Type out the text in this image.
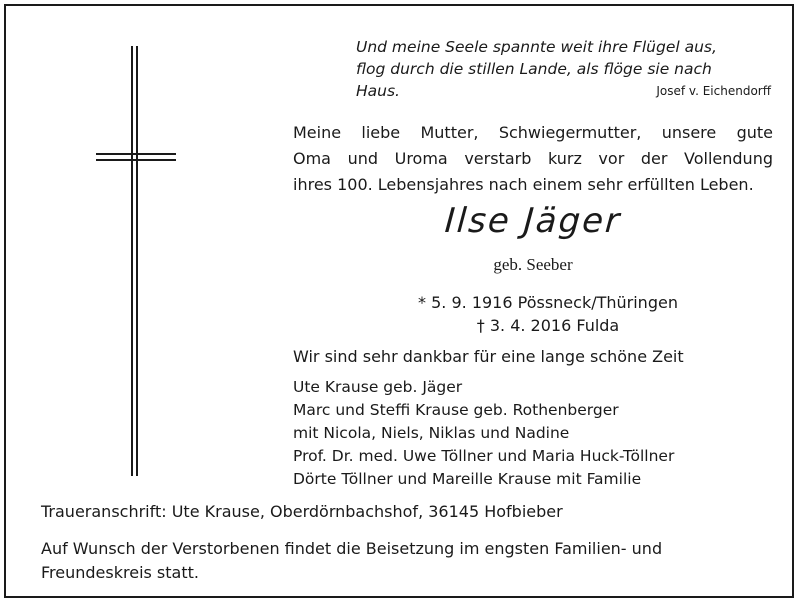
Und meine Seele spannte weit ihre Flügel aus,
flog durch die stillen Lande, als flöge sie nach Haus.	Josef v. Eichendorff
Meine liebe Mutter, Schwiegermutter, unsere gute
Oma und Uroma verstarb kurz vor der Vollendung
ihres 100. Lebensjahres nach einem sehr erfüllten Leben.
Ilse Jäger
geb. Seeber
* 5. 9. 1916 Pössneck/Thüringen
† 3. 4. 2016 Fulda
Wir sind sehr dankbar für eine lange schöne Zeit
Ute Krause geb. Jäger
Marc und Steffi Krause geb. Rothenberger
mit Nicola, Niels, Niklas und Nadine
Prof. Dr. med. Uwe Töllner und Maria Huck-Töllner
Dörte Töllner und Mareille Krause mit Familie
Traueranschrift: Ute Krause, Oberdörnbachshof, 36145 Hofbieber
Auf Wunsch der Verstorbenen findet die Beisetzung im engsten Familien- und
Freundeskreis statt.
